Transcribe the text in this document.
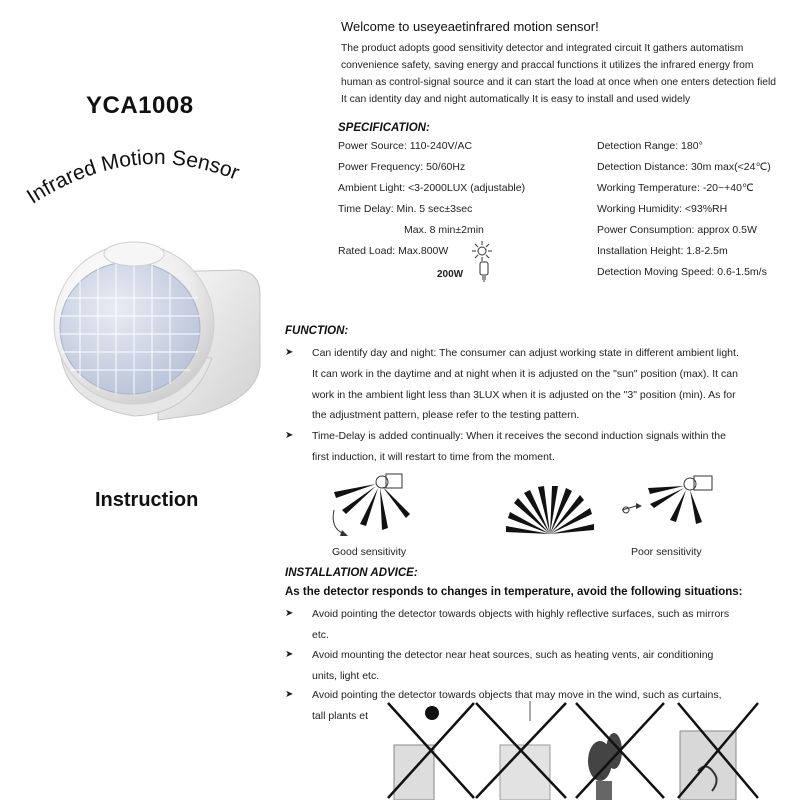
YCA1008
Infrared Motion Sensor
Instruction
Welcome to useyeaetinfrared motion sensor!
The product adopts good sensitivity detector and integrated circuit It gathers automatism
convenience safety, saving energy and praccal functions it utilizes the infrared energy from
human as control-signal source and it can start the load at once when one enters detection field
It can identity day and night automatically It is easy to install and used widely
SPECIFICATION:
Power Source: 110-240V/AC
Power Frequency: 50/60Hz
Ambient Light: <3-2000LUX (adjustable)
Time Delay: Min. 5 sec±3sec
Max. 8 min±2min
Rated Load: Max.800W
200W
Detection Range: 180°
Detection Distance: 30m max(<24℃)
Working Temperature: -20~+40℃
Working Humidity: <93%RH
Power Consumption: approx 0.5W
Installation Height: 1.8-2.5m
Detection Moving Speed: 0.6-1.5m/s
FUNCTION:
➤ Can identify day and night: The consumer can adjust working state in different ambient light.
It can work in the daytime and at night when it is adjusted on the "sun" position (max). It can
work in the ambient light less than 3LUX when it is adjusted on the "3" position (min). As for
the adjustment pattern, please refer to the testing pattern.
➤ Time-Delay is added continually: When it receives the second induction signals within the
first induction, it will restart to time from the moment.
Good sensitivity	Poor sensitivity
INSTALLATION ADVICE:
As the detector responds to changes in temperature, avoid the following situations:
➤ Avoid pointing the detector towards objects with highly reflective surfaces, such as mirrors
etc.
➤ Avoid mounting the detector near heat sources, such as heating vents, air conditioning
units, light etc.
➤ Avoid pointing the detector towards objects that may move in the wind, such as curtains,
tall plants et
